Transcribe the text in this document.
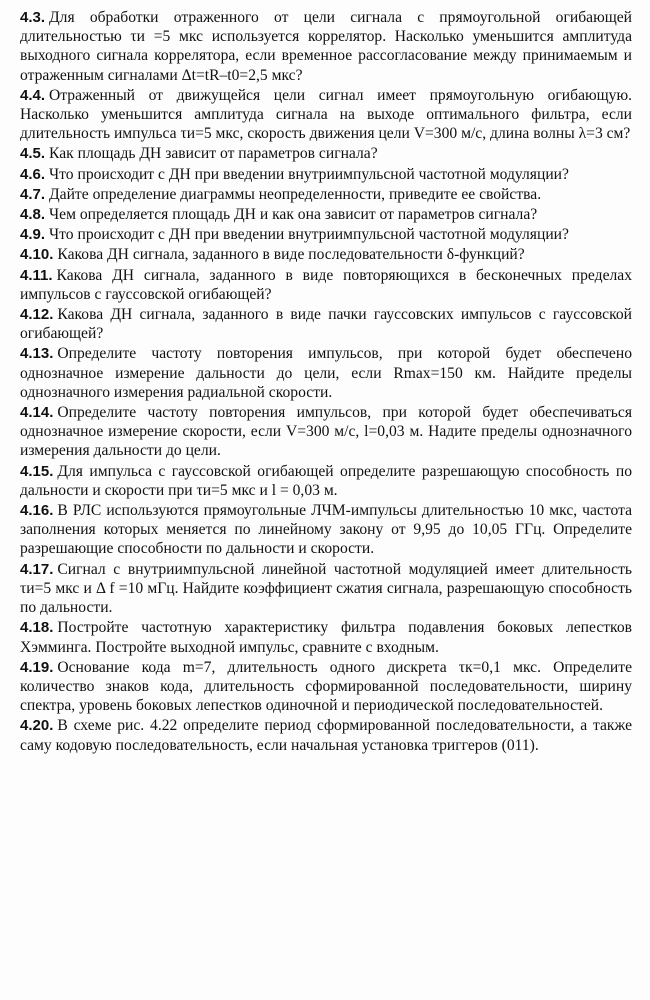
4.3. Для обработки отраженного от цели сигнала с прямоугольной огибающей длительностью τи =5 мкс используется коррелятор. Насколько уменьшится амплитуда выходного сигнала коррелятора, если временное рассогласование между принимаемым и отраженным сигналами Δt=tR–t0=2,5 мкс?

4.4. Отраженный от движущейся цели сигнал имеет прямоугольную огибающую. Насколько уменьшится амплитуда сигнала на выходе оптимального фильтра, если длительность импульса τи=5 мкс, скорость движения цели V=300 м/с, длина волны λ=3 см?

4.5. Как площадь ДН зависит от параметров сигнала?

4.6. Что происходит с ДН при введении внутриимпульсной частотной модуляции?

4.7. Дайте определение диаграммы неопределенности, приведите ее свойства.

4.8. Чем определяется площадь ДН и как она зависит от параметров сигнала?

4.9. Что происходит с ДН при введении внутриимпульсной частотной модуляции?

4.10. Какова ДН сигнала, заданного в виде последовательности δ-функций?

4.11. Какова ДН сигнала, заданного в виде повторяющихся в бесконечных пределах импульсов с гауссовской огибающей?

4.12. Какова ДН сигнала, заданного в виде пачки гауссовских импульсов с гауссовской огибающей?

4.13. Определите частоту повторения импульсов, при которой будет обеспечено однозначное измерение дальности до цели, если Rmax=150 км. Найдите пределы однозначного измерения радиальной скорости.

4.14. Определите частоту повторения импульсов, при которой будет обеспечиваться однозначное измерение скорости, если V=300 м/с, l=0,03 м. Надите пределы однозначного измерения дальности до цели.

4.15. Для импульса с гауссовской огибающей определите разрешающую способность по дальности и скорости при τи=5 мкс и l = 0,03 м.

4.16. В РЛС используются прямоугольные ЛЧМ-импульсы длительностью 10 мкс, частота заполнения которых меняется по линейному закону от 9,95 до 10,05 ГГц. Определите разрешающие способности по дальности и скорости.

4.17. Сигнал с внутриимпульсной линейной частотной модуляцией имеет длительность τи=5 мкс и Δ f =10 мГц. Найдите коэффициент сжатия сигнала, разрешающую способность по дальности.

4.18. Постройте частотную характеристику фильтра подавления боковых лепестков Хэмминга. Постройте выходной импульс, сравните с входным.

4.19. Основание кода m=7, длительность одного дискрета τк=0,1 мкс. Определите количество знаков кода, длительность сформированной последовательности, ширину спектра, уровень боковых лепестков одиночной и периодической последовательностей.

4.20. В схеме рис. 4.22 определите период сформированной последовательности, а также саму кодовую последовательность, если начальная установка триггеров (011).
